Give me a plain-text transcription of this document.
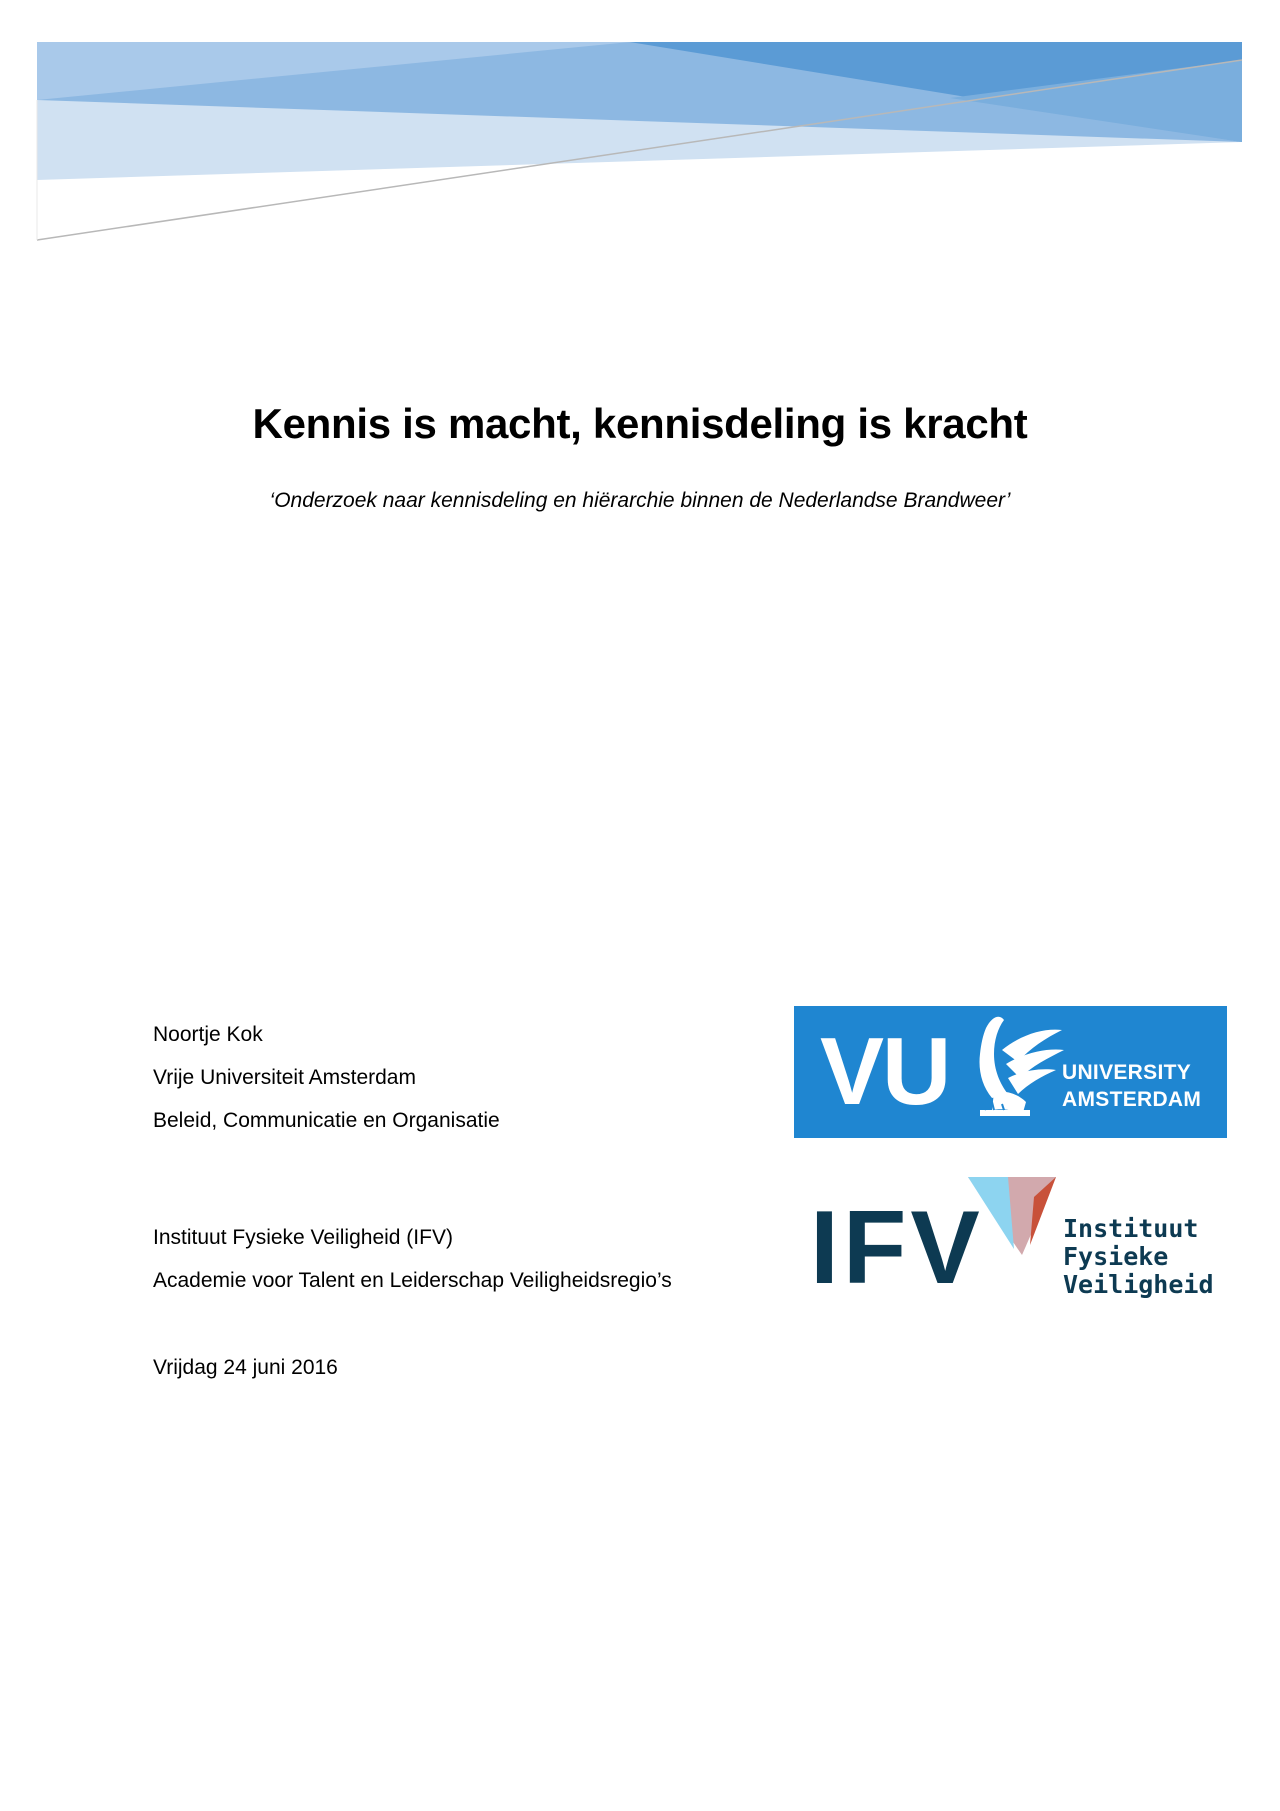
Kennis is macht, kennisdeling is kracht

‘Onderzoek naar kennisdeling en hiërarchie binnen de Nederlandse Brandweer’

Noortje Kok

Vrije Universiteit Amsterdam

Beleid, Communicatie en Organisatie

Instituut Fysieke Veiligheid (IFV)

Academie voor Talent en Leiderschap Veiligheidsregio’s

Vrijdag 24 juni 2016

VU	UNIVERSITY
AMSTERDAM
IFV	Instituut
Fysieke
Veiligheid
